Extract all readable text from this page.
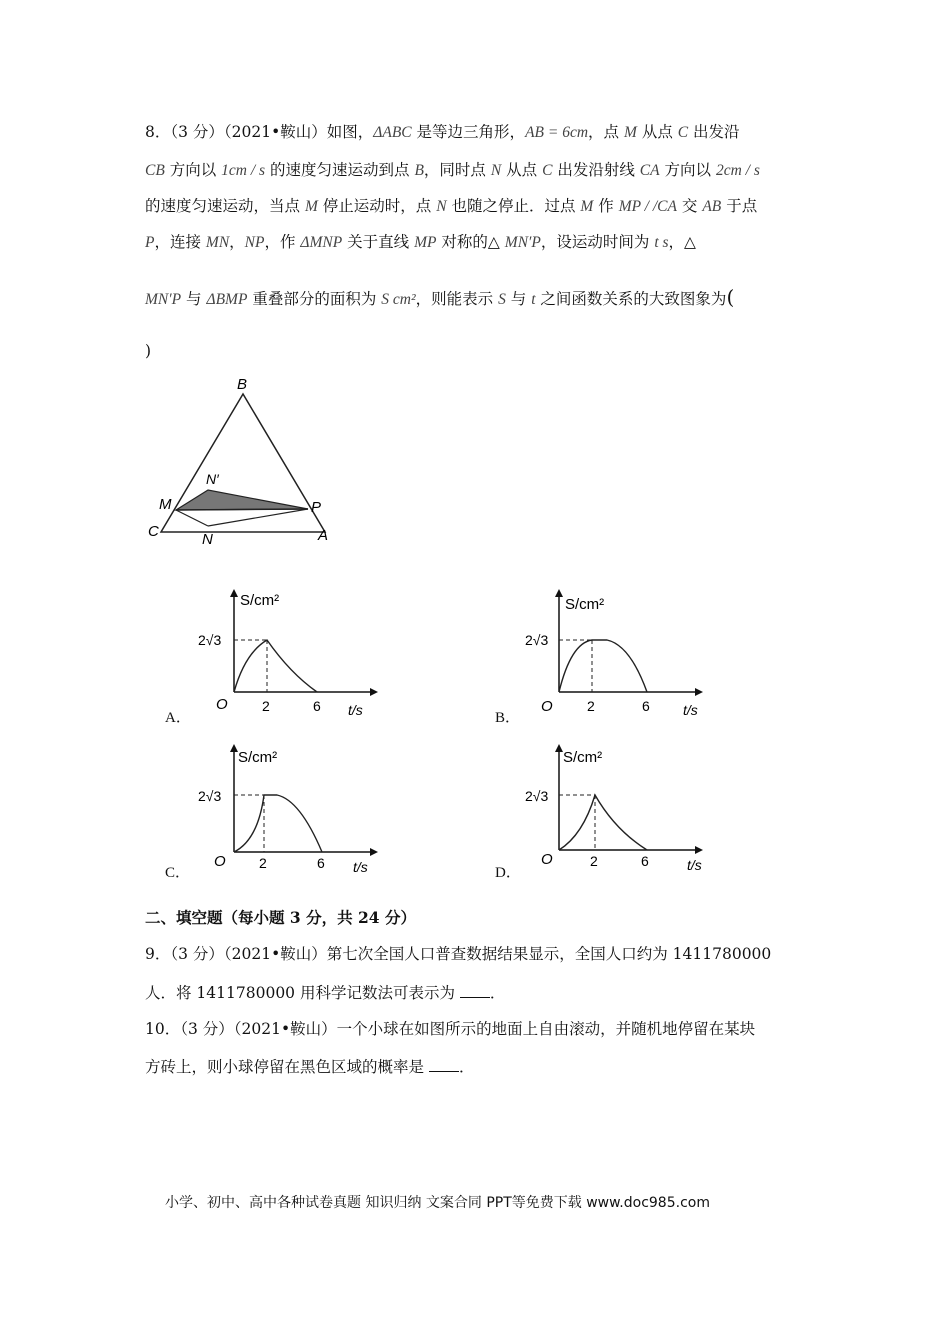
8．（3 分）（2021•鞍山）如图，ΔABC 是等边三角形，AB = 6cm，点 M 从点 C 出发沿
CB 方向以 1cm / s 的速度匀速运动到点 B，同时点 N 从点 C 出发沿射线 CA 方向以 2cm / s
的速度匀速运动，当点 M 停止运动时，点 N 也随之停止．过点 M 作 MP / /CA 交 AB 于点
P，连接 MN，NP，作 ΔMNP 关于直线 MP 对称的△ MN′P，设运动时间为 t s，△
MN′P 与 ΔBMP 重叠部分的面积为 S cm²，则能表示 S 与 t 之间函数关系的大致图象为(
)
B
N′
M	P
C	N	A
A．
S/cm²
2√3
O 2	6 t/s	B．
S/cm²
2√3
O 2	6 t/s
C．
S/cm²
2√3
O 2	6 t/s	D．
S/cm²
2√3
O	2	6	t/s
二、填空题（每小题 3 分，共 24 分）
9．（3 分）（2021•鞍山）第七次全国人口普查数据结果显示，全国人口约为 1411780000
人．将 1411780000 用科学记数法可表示为 ．
10．（3 分）（2021•鞍山）一个小球在如图所示的地面上自由滚动，并随机地停留在某块
方砖上，则小球停留在黑色区域的概率是 ．
小学、初中、高中各种试卷真题 知识归纳 文案合同 PPT等免费下载 www.doc985.com
